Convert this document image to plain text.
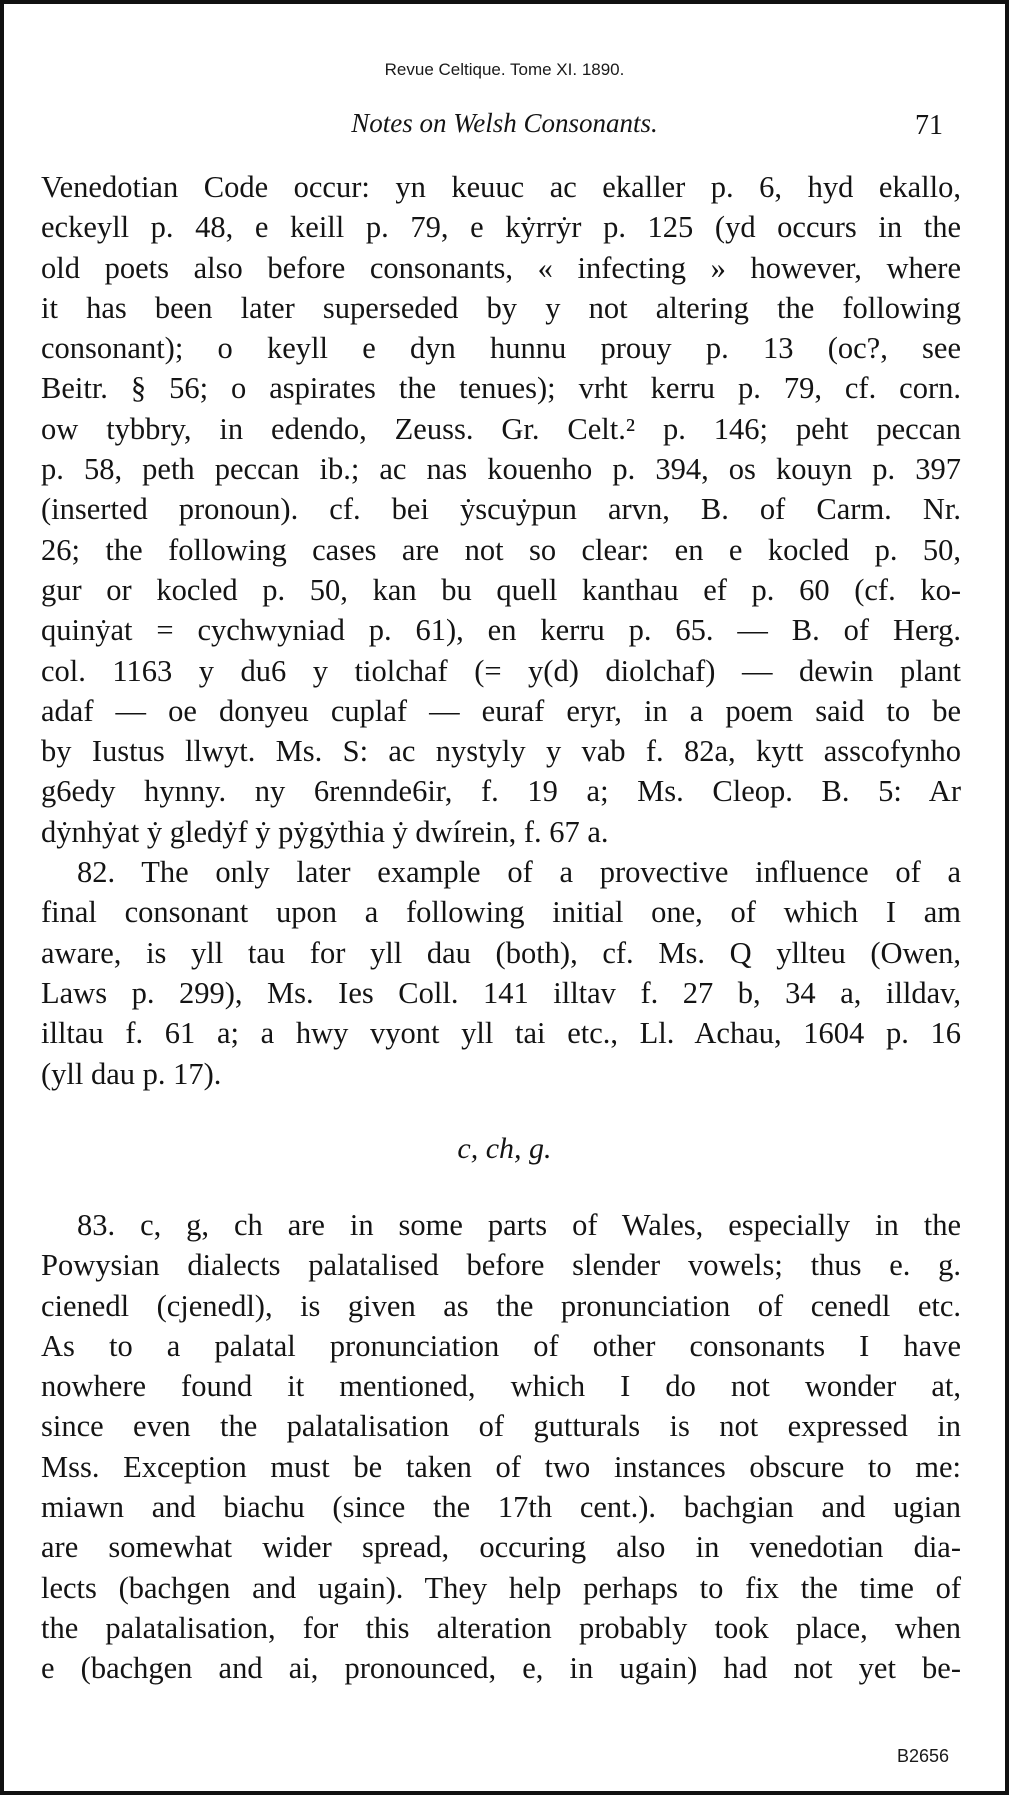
Revue Celtique. Tome XI. 1890.
Notes on Welsh Consonants.	71
Venedotian Code occur: yn keuuc ac ekaller p. 6, hyd ekallo,
eckeyll p. 48, e keill p. 79, e kẏrrẏr p. 125 (yd occurs in the
old poets also before consonants, « infecting » however, where
it has been later superseded by y not altering the following
consonant); o keyll e dyn hunnu prouy p. 13 (oc?, see
Beitr. § 56; o aspirates the tenues); vrht kerru p. 79, cf. corn.
ow tybbry, in edendo, Zeuss. Gr. Celt.² p. 146; peht peccan
p. 58, peth peccan ib.; ac nas kouenho p. 394, os kouyn p. 397
(inserted pronoun). cf. bei ẏscuẏpun arvn, B. of Carm. Nr.
26; the following cases are not so clear: en e kocled p. 50,
gur or kocled p. 50, kan bu quell kanthau ef p. 60 (cf. ko-
quinẏat = cychwyniad p. 61), en kerru p. 65. — B. of Herg.
col. 1163 y du6 y tiolchaf (= y(d) diolchaf) — dewin plant
adaf — oe donyeu cuplaf — euraf eryr, in a poem said to be
by Iustus llwyt. Ms. S: ac nystyly y vab f. 82a, kytt asscofynho
g6edy hynny. ny 6renndе6ir, f. 19 a; Ms. Cleop. B. 5: Ar
dẏnhẏat ẏ gledẏf ẏ pẏgẏthia ẏ dwírein, f. 67 a.
82. The only later example of a provective influence of a
final consonant upon a following initial one, of which I am
aware, is yll tau for yll dau (both), cf. Ms. Q yllteu (Owen,
Laws p. 299), Ms. Ies Coll. 141 illtav f. 27 b, 34 a, illdav,
illtau f. 61 a; a hwy vyont yll tai etc., Ll. Achau, 1604 p. 16
(yll dau p. 17).
c, ch, g.
83. c, g, ch are in some parts of Wales, especially in the
Powysian dialects palatalised before slender vowels; thus e. g.
cienedl (cjenedl), is given as the pronunciation of cenedl etc.
As to a palatal pronunciation of other consonants I have
nowhere found it mentioned, which I do not wonder at,
since even the palatalisation of gutturals is not expressed in
Mss. Exception must be taken of two instances obscure to me:
miawn and biachu (since the 17th cent.). bachgian and ugian
are somewhat wider spread, occuring also in venedotian dia-
lects (bachgen and ugain). They help perhaps to fix the time of
the palatalisation, for this alteration probably took place, when
e (bachgen and ai, pronounced, e, in ugain) had not yet be-
B2656
